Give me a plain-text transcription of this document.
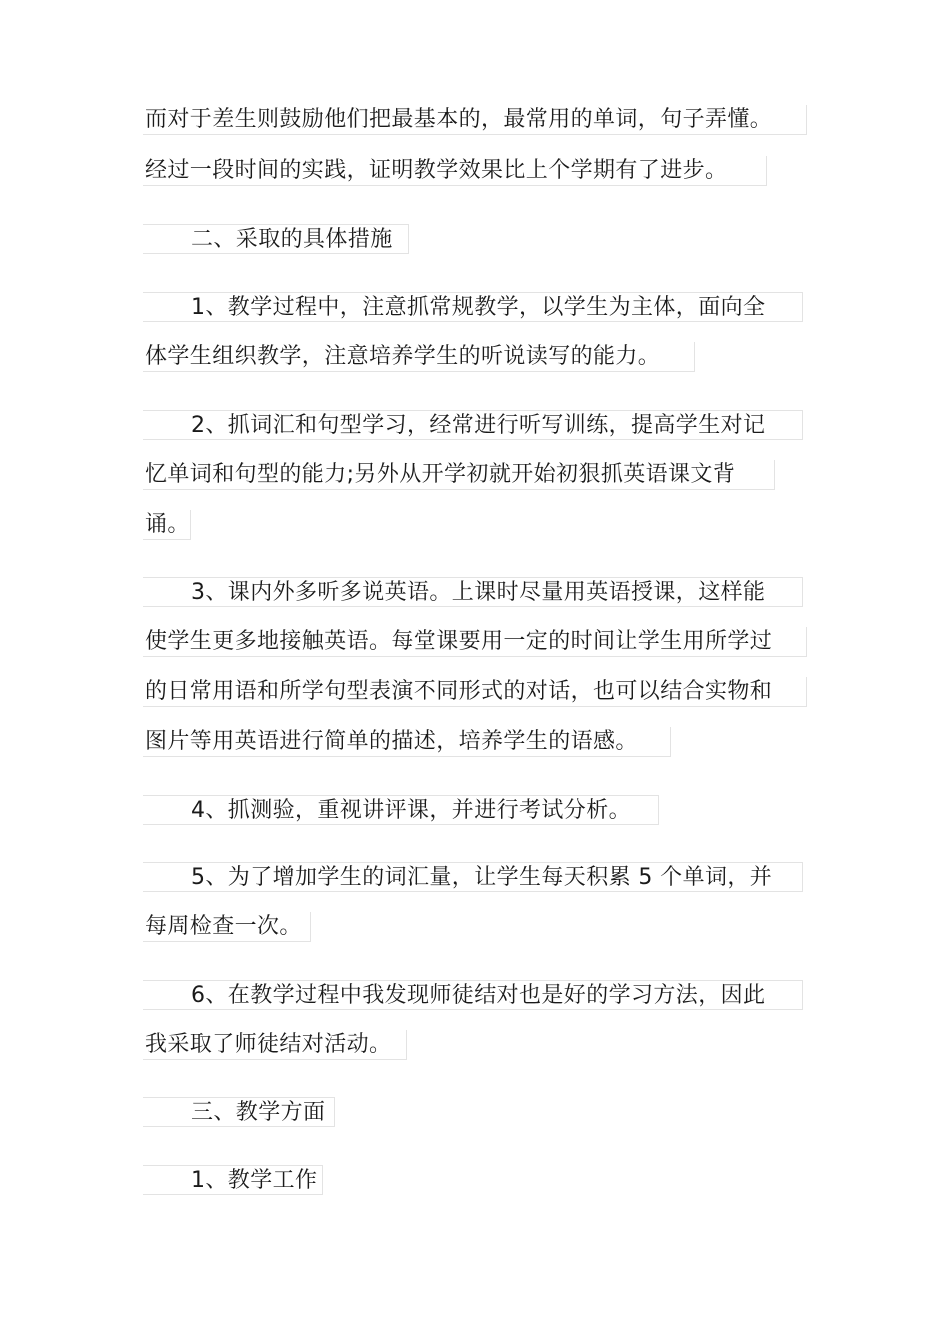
而对于差生则鼓励他们把最基本的，最常用的单词，句子弄懂。
经过一段时间的实践，证明教学效果比上个学期有了进步。
二、采取的具体措施
1、教学过程中，注意抓常规教学，以学生为主体，面向全
体学生组织教学，注意培养学生的听说读写的能力。
2、抓词汇和句型学习，经常进行听写训练，提高学生对记
忆单词和句型的能力;另外从开学初就开始初狠抓英语课文背
诵。
3、课内外多听多说英语。上课时尽量用英语授课，这样能
使学生更多地接触英语。每堂课要用一定的时间让学生用所学过
的日常用语和所学句型表演不同形式的对话，也可以结合实物和
图片等用英语进行简单的描述，培养学生的语感。
4、抓测验，重视讲评课，并进行考试分析。
5、为了增加学生的词汇量，让学生每天积累 5 个单词，并
每周检查一次。
6、在教学过程中我发现师徒结对也是好的学习方法，因此
我采取了师徒结对活动。
三、教学方面
1、教学工作
